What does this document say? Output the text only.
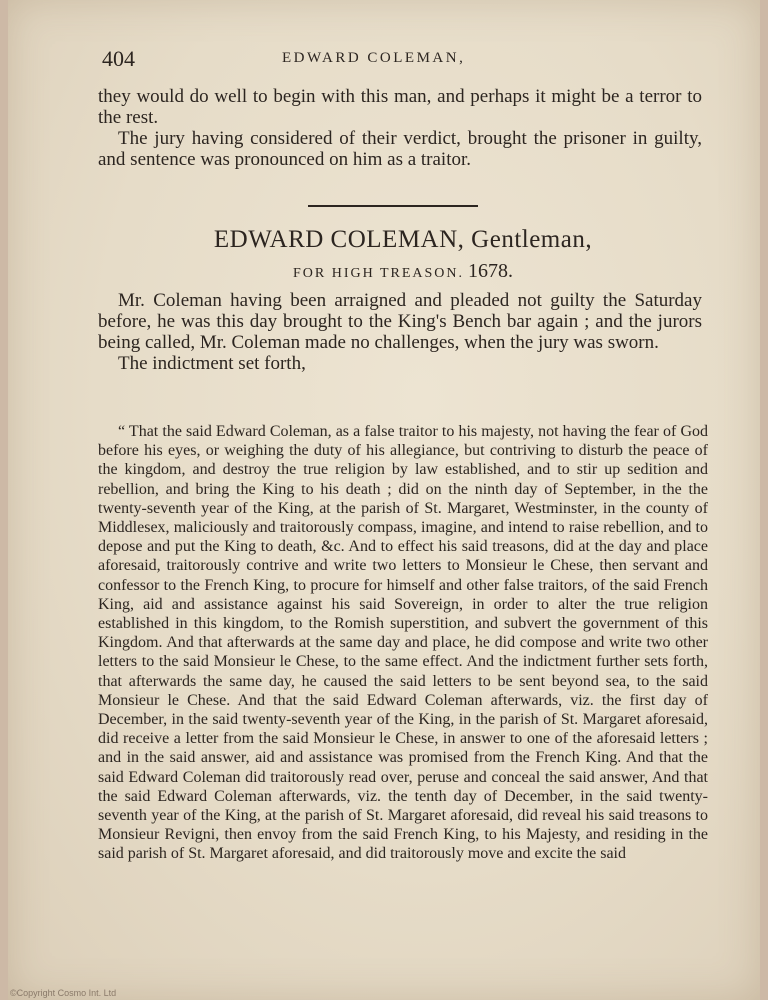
404	EDWARD COLEMAN,

they would do well to begin with this man, and perhaps it might be a terror to the rest.

The jury having considered of their verdict, brought the prisoner in guilty, and sentence was pronounced on him as a traitor.

EDWARD COLEMAN, Gentleman,
FOR HIGH TREASON. 1678.

Mr. Coleman having been arraigned and pleaded not guilty the Saturday before, he was this day brought to the King's Bench bar again ; and the jurors being called, Mr. Coleman made no challenges, when the jury was sworn.

The indictment set forth,

“ That the said Edward Coleman, as a false traitor to his majesty, not having the fear of God before his eyes, or weighing the duty of his allegiance, but contriving to disturb the peace of the kingdom, and destroy the true religion by law established, and to stir up sedition and rebellion, and bring the King to his death ; did on the ninth day of September, in the the twenty-seventh year of the King, at the parish of St. Margaret, Westminster, in the county of Middlesex, maliciously and traitorously compass, imagine, and intend to raise rebellion, and to depose and put the King to death, &c. And to effect his said treasons, did at the day and place aforesaid, traitorously contrive and write two letters to Monsieur le Chese, then servant and confessor to the French King, to procure for himself and other false traitors, of the said French King, aid and assistance against his said Sovereign, in order to alter the true religion established in this kingdom, to the Romish superstition, and subvert the government of this Kingdom. And that afterwards at the same day and place, he did compose and write two other letters to the said Monsieur le Chese, to the same effect. And the indictment further sets forth, that afterwards the same day, he caused the said letters to be sent beyond sea, to the said Monsieur le Chese. And that the said Edward Coleman afterwards, viz. the first day of December, in the said twenty-seventh year of the King, in the parish of St. Margaret aforesaid, did receive a letter from the said Monsieur le Chese, in answer to one of the aforesaid letters ; and in the said answer, aid and assistance was promised from the French King. And that the said Edward Coleman did traitorously read over, peruse and conceal the said answer, And that the said Edward Coleman afterwards, viz. the tenth day of December, in the said twenty-seventh year of the King, at the parish of St. Margaret aforesaid, did reveal his said treasons to Monsieur Revigni, then envoy from the said French King, to his Majesty, and residing in the said parish of St. Margaret aforesaid, and did traitorously move and excite the said

©Copyright Cosmo Int. Ltd
